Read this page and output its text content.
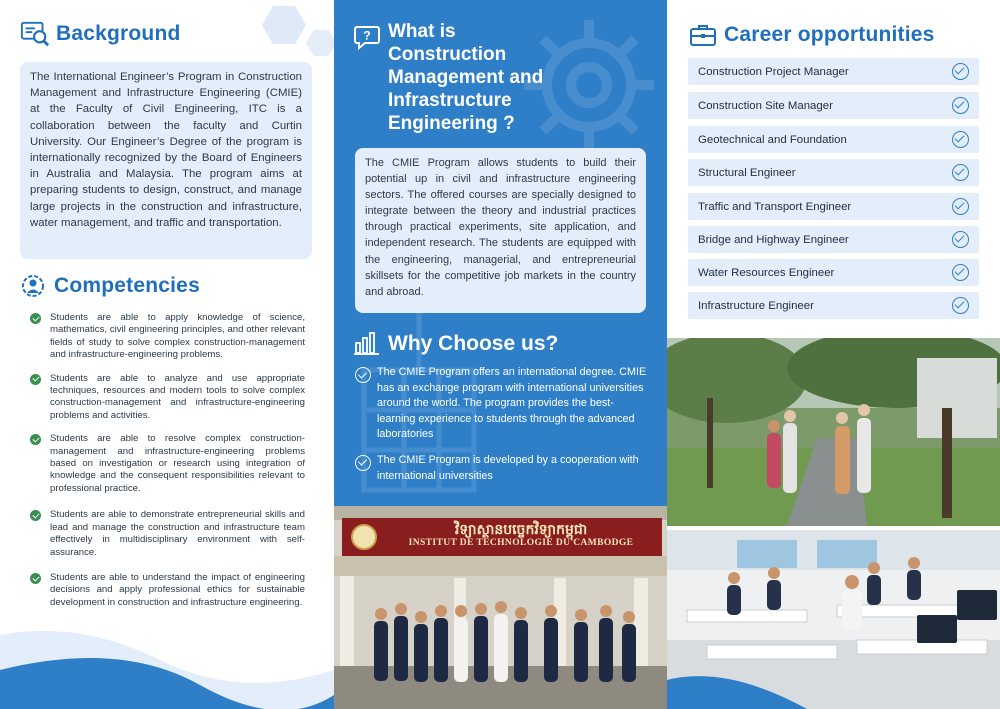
Background

The International Engineer’s Program in Construction Management and Infrastructure Engineering (CMIE) at the Faculty of Civil Engineering, ITC is a collaboration between the faculty and Curtin University. Our Engineer’s Degree of the program is internationally recognized by the Board of Engineers in Australia and Malaysia. The program aims at preparing students to design, construct, and manage large projects in the construction and infrastructure, water management, and traffic and transportation.

Competencies
Students are able to apply knowledge of science, mathematics, civil engineering principles, and other relevant fields of study to solve complex construction-management and infrastructure-engineering problems.
Students are able to analyze and use appropriate techniques, resources and modern tools to solve complex construction-management and infrastructure-engineering problems and activities.
Students are able to resolve complex construction-management and infrastructure-engineering problems based on investigation or research using integration of knowledge and the consequent responsibilities relevant to professional practice.
Students are able to demonstrate entrepreneurial skills and lead and manage the construction and infrastructure team effectively in multidisciplinary environment with self-assurance.
Students are able to understand the impact of engineering decisions and apply professional ethics for sustainable development in construction and infrastructure engineering.
? What is
Construction
Management and
Infrastructure
Engineering ?

The CMIE Program allows students to build their potential up in civil and infrastructure engineering sectors. The offered courses are specially designed to integrate between the theory and industrial practices through practical experiments, site application, and independent research. The students are equipped with the engineering, managerial, and entrepreneurial skillsets for the competitive job markets in the country and abroad.

Why Choose us?
The CMIE Program offers an international degree. CMIE has an exchange program with international universities around the world. The program provides the best-learning experience to students through the advanced laboratories
The CMIE Program is developed by a cooperation with international universities
វិទ្យាស្ថានបច្ចេកវិទ្យាកម្ពុជា
INSTITUT DE TECHNOLOGIE DU CAMBODGE
Career opportunities
Construction Project Manager
Construction Site Manager
Geotechnical and Foundation
Structural Engineer
Traffic and Transport Engineer
Bridge and Highway Engineer
Water Resources Engineer
Infrastructure Engineer
